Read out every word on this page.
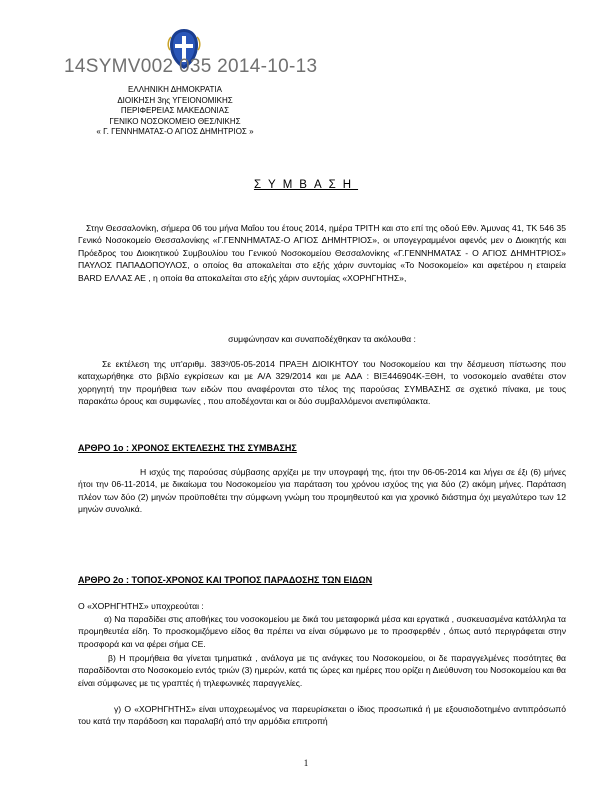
14SYMV002 035 2014-10-13
ΕΛΛΗΝΙΚΗ ΔΗΜΟΚΡΑΤΙΑ
ΔΙΟΙΚΗΣΗ 3ης ΥΓΕΙΟΝΟΜΙΚΗΣ
ΠΕΡΙΦΕΡΕΙΑΣ ΜΑΚΕΔΟΝΙΑΣ
ΓΕΝΙΚΟ ΝΟΣΟΚΟΜΕΙΟ ΘΕΣ/ΝΙΚΗΣ
« Γ. ΓΕΝΝΗΜΑΤΑΣ-Ο ΑΓΙΟΣ ΔΗΜΗΤΡΙΟΣ »
ΣΥΜΒΑΣΗ
Στην Θεσσαλονίκη, σήμερα 06 του μήνα Μαΐου του έτους 2014, ημέρα ΤΡΙΤΗ και στο επί της οδού Εθν. Άμυνας 41, ΤΚ 546 35 Γενικό Νοσοκομείο Θεσσαλονίκης «Γ.ΓΕΝΝΗΜΑΤΑΣ-Ο ΑΓΙΟΣ ΔΗΜΗΤΡΙΟΣ», οι υπογεγραμμένοι αφενός μεν ο Διοικητής και Πρόεδρος του Διοικητικού Συμβουλίου του Γενικού Νοσοκομείου Θεσσαλονίκης «Γ.ΓΕΝΝΗΜΑΤΑΣ - Ο ΑΓΙΟΣ ΔΗΜΗΤΡΙΟΣ» ΠΑΥΛΟΣ ΠΑΠΑΔΟΠΟΥΛΟΣ, ο οποίος θα αποκαλείται στο εξής χάριν συντομίας «Το Νοσοκομείο» και αφετέρου η εταιρεία BARD ΕΛΛΑΣ ΑΕ , η οποία θα αποκαλείται στο εξής χάριν συντομίας «ΧΟΡΗΓΗΤΗΣ»,
συμφώνησαν και συναποδέχθηκαν τα ακόλουθα :
Σε εκτέλεση της υπ'αριθμ. 383ᵒ/05-05-2014 ΠΡΑΞΗ ΔΙΟΙΚΗΤΟΥ του Νοσοκομείου και την δέσμευση πίστωσης που καταχωρήθηκε στο βιβλίο εγκρίσεων και με Α/Α 329/2014 και με ΑΔΑ : ΒΙΞ446904Κ-ΞΘΗ, το νοσοκομείο αναθέτει στον χορηγητή την προμήθεια των ειδών που αναφέρονται στο τέλος της παρούσας ΣΥΜΒΑΣΗΣ σε σχετικό πίνακα, με τους παρακάτω όρους και συμφωνίες , που αποδέχονται και οι δύο συμβαλλόμενοι ανεπιφύλακτα.
ΑΡΘΡΟ 1ο : ΧΡΟΝΟΣ ΕΚΤΕΛΕΣΗΣ ΤΗΣ ΣΥΜΒΑΣΗΣ
Η ισχύς της παρούσας σύμβασης αρχίζει με την υπογραφή της, ήτοι την 06-05-2014 και λήγει σε έξι (6) μήνες ήτοι την 06-11-2014, με δικαίωμα του Νοσοκομείου για παράταση του χρόνου ισχύος της για δύο (2) ακόμη μήνες. Παράταση πλέον των δύο (2) μηνών προϋποθέτει την σύμφωνη γνώμη του προμηθευτού και για χρονικό διάστημα όχι μεγαλύτερο των 12 μηνών συνολικά.
ΑΡΘΡΟ 2ο : ΤΟΠΟΣ-ΧΡΟΝΟΣ ΚΑΙ ΤΡΟΠΟΣ ΠΑΡΑΔΟΣΗΣ ΤΩΝ ΕΙΔΩΝ
Ο «ΧΟΡΗΓΗΤΗΣ» υποχρεούται :
α) Να παραδίδει στις αποθήκες του νοσοκομείου με δικά του μεταφορικά μέσα και εργατικά , συσκευασμένα κατάλληλα τα προμηθευτέα είδη. Το προσκομιζόμενο είδος θα πρέπει να είναι σύμφωνο με το προσφερθέν , όπως αυτό περιγράφεται στην προσφορά και να φέρει σήμα CE.
β) Η προμήθεια θα γίνεται τμηματικά , ανάλογα με τις ανάγκες του Νοσοκομείου, οι δε παραγγελμένες ποσότητες θα παραδίδονται στο Νοσοκομείο εντός τριών (3) ημερών, κατά τις ώρες και ημέρες που ορίζει η Διεύθυνση του Νοσοκομείου και θα είναι σύμφωνες με τις γραπτές ή τηλεφωνικές παραγγελίες.
γ) Ο «ΧΟΡΗΓΗΤΗΣ» είναι υποχρεωμένος να παρευρίσκεται ο ίδιος προσωπικά ή με εξουσιοδοτημένο αντιπρόσωπό του κατά την παράδοση και παραλαβή από την αρμόδια επιτροπή
1
